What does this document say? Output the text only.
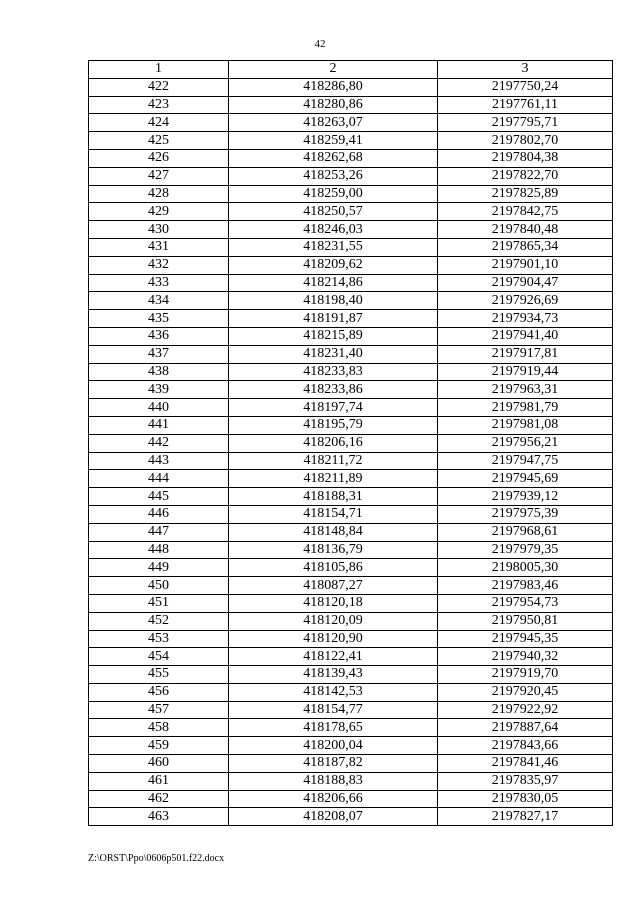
42
1	2	3
422	418286,80	2197750,24
423	418280,86	2197761,11
424	418263,07	2197795,71
425	418259,41	2197802,70
426	418262,68	2197804,38
427	418253,26	2197822,70
428	418259,00	2197825,89
429	418250,57	2197842,75
430	418246,03	2197840,48
431	418231,55	2197865,34
432	418209,62	2197901,10
433	418214,86	2197904,47
434	418198,40	2197926,69
435	418191,87	2197934,73
436	418215,89	2197941,40
437	418231,40	2197917,81
438	418233,83	2197919,44
439	418233,86	2197963,31
440	418197,74	2197981,79
441	418195,79	2197981,08
442	418206,16	2197956,21
443	418211,72	2197947,75
444	418211,89	2197945,69
445	418188,31	2197939,12
446	418154,71	2197975,39
447	418148,84	2197968,61
448	418136,79	2197979,35
449	418105,86	2198005,30
450	418087,27	2197983,46
451	418120,18	2197954,73
452	418120,09	2197950,81
453	418120,90	2197945,35
454	418122,41	2197940,32
455	418139,43	2197919,70
456	418142,53	2197920,45
457	418154,77	2197922,92
458	418178,65	2197887,64
459	418200,04	2197843,66
460	418187,82	2197841,46
461	418188,83	2197835,97
462	418206,66	2197830,05
463	418208,07	2197827,17
Z:\ORST\Ppo\0606p501.f22.docx
